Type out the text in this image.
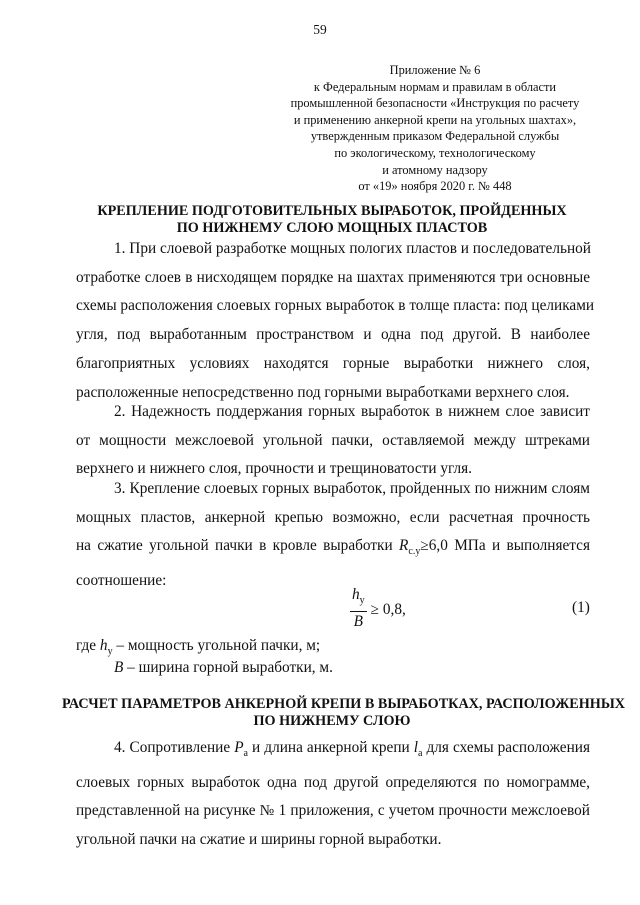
59
Приложение № 6
к Федеральным нормам и правилам в области
промышленной безопасности «Инструкция по расчету
и применению анкерной крепи на угольных шахтах»,
утвержденным приказом Федеральной службы
по экологическому, технологическому
и атомному надзору
от «19» ноября 2020 г. № 448
КРЕПЛЕНИЕ ПОДГОТОВИТЕЛЬНЫХ ВЫРАБОТОК, ПРОЙДЕННЫХ
ПО НИЖНЕМУ СЛОЮ МОЩНЫХ ПЛАСТОВ
1. При слоевой разработке мощных пологих пластов и последовательной
отработке слоев в нисходящем порядке на шахтах применяются три основные
схемы расположения слоевых горных выработок в толще пласта: под целиками
угля, под выработанным пространством и одна под другой. В наиболее
благоприятных условиях находятся горные выработки нижнего слоя,
расположенные непосредственно под горными выработками верхнего слоя.
2. Надежность поддержания горных выработок в нижнем слое зависит
от мощности межслоевой угольной пачки, оставляемой между штреками
верхнего и нижнего слоя, прочности и трещиноватости угля.
3. Крепление слоевых горных выработок, пройденных по нижним слоям
мощных пластов, анкерной крепью возможно, если расчетная прочность
на сжатие угольной пачки в кровле выработки $R_{с.у}\ge 6,0$ МПа и выполняется
соотношение:
$\frac{h_у}{B} \ge 0,8$,	(1)
где $h_у$ – мощность угольной пачки, м;
B – ширина горной выработки, м.
РАСЧЕТ ПАРАМЕТРОВ АНКЕРНОЙ КРЕПИ В ВЫРАБОТКАХ, РАСПОЛОЖЕННЫХ
ПО НИЖНЕМУ СЛОЮ
4. Сопротивление $P_а$ и длина анкерной крепи $l_а$ для схемы расположения
слоевых горных выработок одна под другой определяются по номограмме,
представленной на рисунке № 1 приложения, с учетом прочности межслоевой
угольной пачки на сжатие и ширины горной выработки.
